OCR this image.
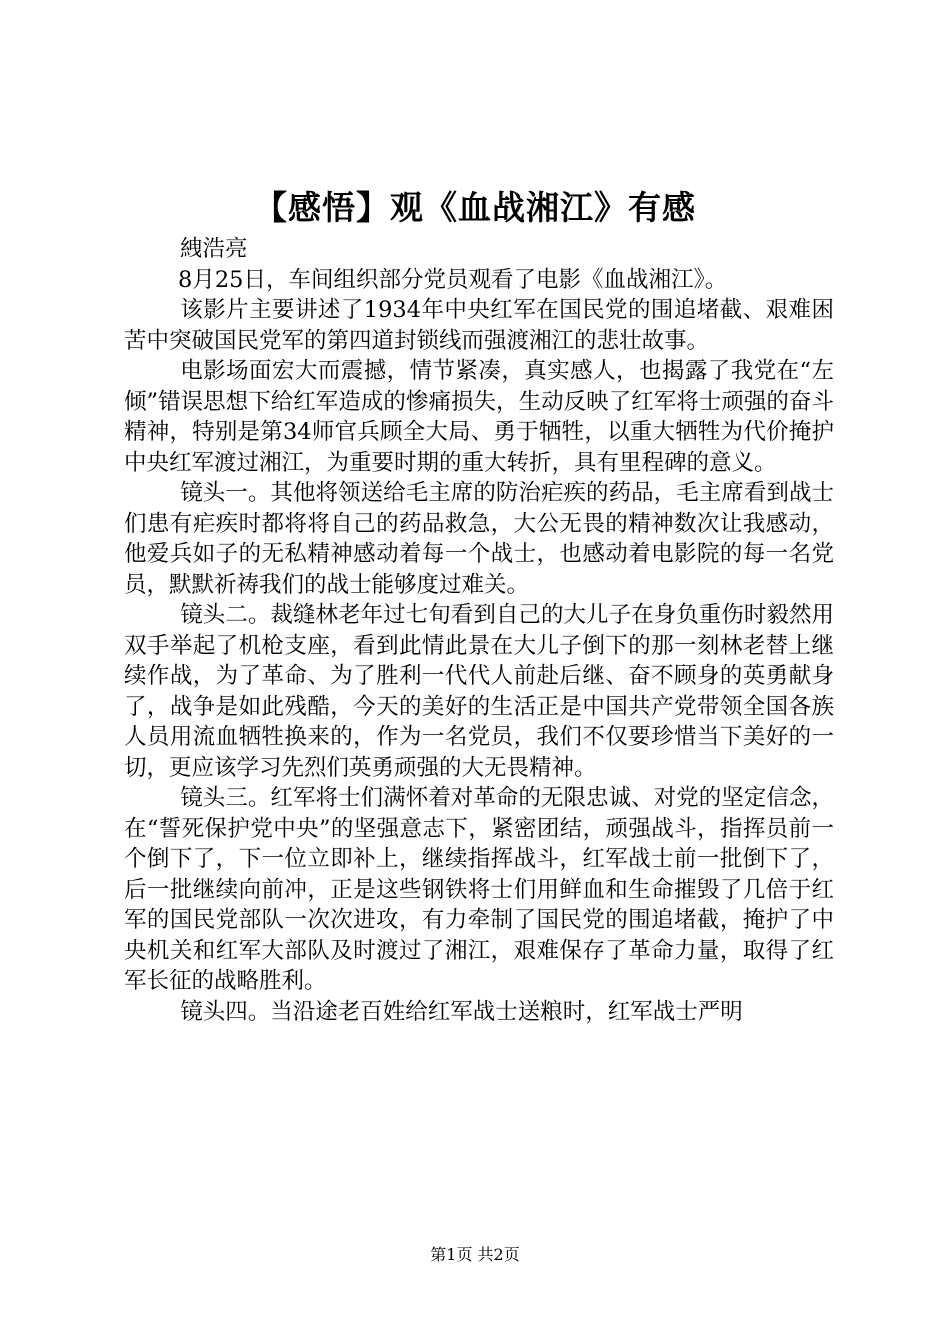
【感悟】观《血战湘江》有感

絏浩亮

8月25日，车间组织部分党员观看了电影《血战湘江》。

该影片主要讲述了1934年中央红军在国民党的围追堵截、艰难困苦中突破国民党军的第四道封锁线而强渡湘江的悲壮故事。

电影场面宏大而震撼，情节紧凑，真实感人，也揭露了我党在“左倾”错误思想下给红军造成的惨痛损失，生动反映了红军将士顽强的奋斗精神，特别是第34师官兵顾全大局、勇于牺牲，以重大牺牲为代价掩护中央红军渡过湘江，为重要时期的重大转折，具有里程碑的意义。

镜头一。其他将领送给毛主席的防治疟疾的药品，毛主席看到战士们患有疟疾时都将将自己的药品救急，大公无畏的精神数次让我感动，他爱兵如子的无私精神感动着每一个战士，也感动着电影院的每一名党员，默默祈祷我们的战士能够度过难关。

镜头二。裁缝林老年过七旬看到自己的大儿子在身负重伤时毅然用双手举起了机枪支座，看到此情此景在大儿子倒下的那一刻林老替上继续作战，为了革命、为了胜利一代代人前赴后继、奋不顾身的英勇献身了，战争是如此残酷，今天的美好的生活正是中国共产党带领全国各族人员用流血牺牲换来的，作为一名党员，我们不仅要珍惜当下美好的一切，更应该学习先烈们英勇顽强的大无畏精神。

镜头三。红军将士们满怀着对革命的无限忠诚、对党的坚定信念，在“誓死保护党中央”的坚强意志下，紧密团结，顽强战斗，指挥员前一个倒下了，下一位立即补上，继续指挥战斗，红军战士前一批倒下了，后一批继续向前冲，正是这些钢铁将士们用鲜血和生命摧毁了几倍于红军的国民党部队一次次进攻，有力牵制了国民党的围追堵截，掩护了中央机关和红军大部队及时渡过了湘江，艰难保存了革命力量，取得了红军长征的战略胜利。

镜头四。当沿途老百姓给红军战士送粮时，红军战士严明

第1页 共2页
